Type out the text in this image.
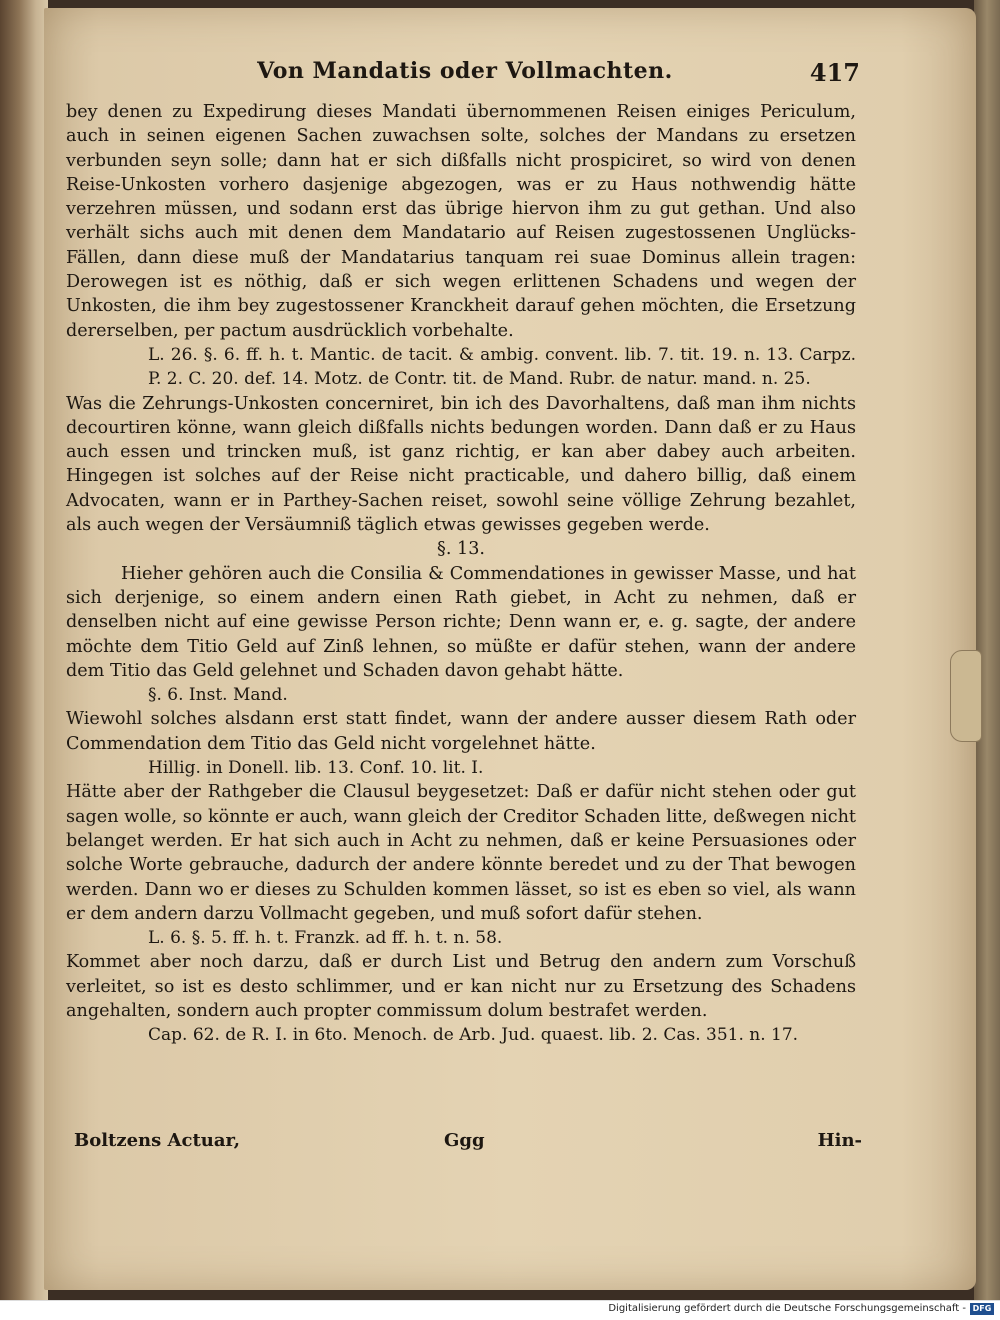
Von Mandatis oder Vollmachten.	417

bey denen zu Expedirung dieses Mandati übernommenen Reisen einiges Periculum, auch in seinen eigenen Sachen zuwachsen solte, solches der Mandans zu ersetzen verbunden seyn solle; dann hat er sich dißfalls nicht prospiciret, so wird von denen Reise-Unkosten vorhero dasjenige abgezogen, was er zu Haus nothwendig hätte verzehren müssen, und sodann erst das übrige hiervon ihm zu gut gethan. Und also verhält sichs auch mit denen dem Mandatario auf Reisen zugestossenen Unglücks-Fällen, dann diese muß der Mandatarius tanquam rei suae Dominus allein tragen: Derowegen ist es nöthig, daß er sich wegen erlittenen Schadens und wegen der Unkosten, die ihm bey zugestossener Kranckheit darauf gehen möchten, die Ersetzung dererselben, per pactum ausdrücklich vorbehalte.

L. 26. §. 6. ff. h. t. Mantic. de tacit. & ambig. convent. lib. 7. tit. 19. n. 13. Carpz. P. 2. C. 20. def. 14. Motz. de Contr. tit. de Mand. Rubr. de natur. mand. n. 25.

Was die Zehrungs-Unkosten concerniret, bin ich des Davorhaltens, daß man ihm nichts decourtiren könne, wann gleich dißfalls nichts bedungen worden. Dann daß er zu Haus auch essen und trincken muß, ist ganz richtig, er kan aber dabey auch arbeiten. Hingegen ist solches auf der Reise nicht practicable, und dahero billig, daß einem Advocaten, wann er in Parthey-Sachen reiset, sowohl seine völlige Zehrung bezahlet, als auch wegen der Versäumniß täglich etwas gewisses gegeben werde.

§. 13.

Hieher gehören auch die Consilia & Commendationes in gewisser Masse, und hat sich derjenige, so einem andern einen Rath giebet, in Acht zu nehmen, daß er denselben nicht auf eine gewisse Person richte; Denn wann er, e. g. sagte, der andere möchte dem Titio Geld auf Zinß lehnen, so müßte er dafür stehen, wann der andere dem Titio das Geld gelehnet und Schaden davon gehabt hätte.

§. 6. Inst. Mand.

Wiewohl solches alsdann erst statt findet, wann der andere ausser diesem Rath oder Commendation dem Titio das Geld nicht vorgelehnet hätte.

Hillig. in Donell. lib. 13. Conf. 10. lit. I.

Hätte aber der Rathgeber die Clausul beygesetzet: Daß er dafür nicht stehen oder gut sagen wolle, so könnte er auch, wann gleich der Creditor Schaden litte, deßwegen nicht belanget werden. Er hat sich auch in Acht zu nehmen, daß er keine Persuasiones oder solche Worte gebrauche, dadurch der andere könnte beredet und zu der That bewogen werden. Dann wo er dieses zu Schulden kommen lässet, so ist es eben so viel, als wann er dem andern darzu Vollmacht gegeben, und muß sofort dafür stehen.

L. 6. §. 5. ff. h. t. Franzk. ad ff. h. t. n. 58.

Kommet aber noch darzu, daß er durch List und Betrug den andern zum Vorschuß verleitet, so ist es desto schlimmer, und er kan nicht nur zu Ersetzung des Schadens angehalten, sondern auch propter commissum dolum bestrafet werden.

Cap. 62. de R. I. in 6to. Menoch. de Arb. Jud. quaest. lib. 2. Cas. 351. n. 17.

Boltzens Actuar,	Ggg	Hin-
Digitalisierung gefördert durch die Deutsche Forschungsgemeinschaft - DFG
